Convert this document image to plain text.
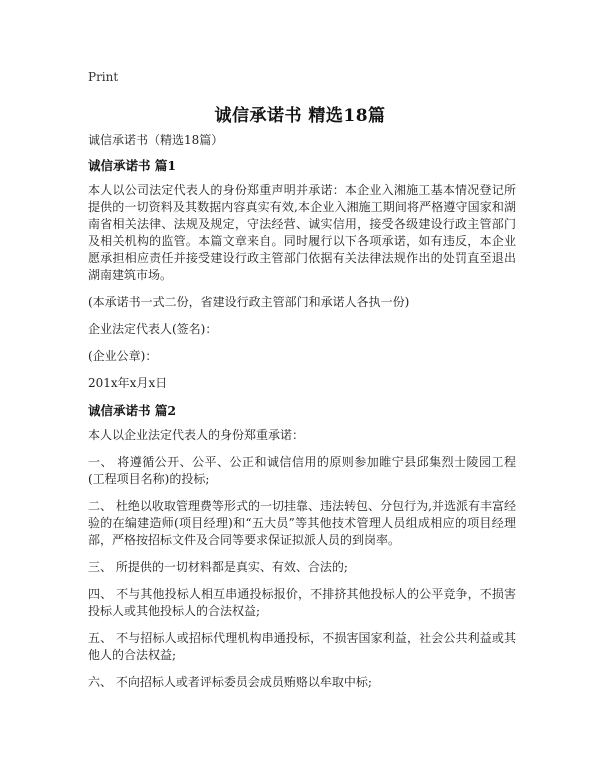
Print
诚信承诺书 精选18篇
诚信承诺书（精选18篇）
诚信承诺书 篇1

本人以公司法定代表人的身份郑重声明并承诺：本企业入湘施工基本情况登记所提供的一切资料及其数据内容真实有效,本企业入湘施工期间将严格遵守国家和湖南省相关法律、法规及规定，守法经营、诚实信用，接受各级建设行政主管部门及相关机构的监管。本篇文章来自。同时履行以下各项承诺，如有违反，本企业愿承担相应责任并接受建设行政主管部门依据有关法律法规作出的处罚直至退出湖南建筑市场。

(本承诺书一式二份，省建设行政主管部门和承诺人各执一份)

企业法定代表人(签名)：

(企业公章)：

201x年x月x日

诚信承诺书 篇2

本人以企业法定代表人的身份郑重承诺：

一、 将遵循公开、公平、公正和诚信信用的原则参加睢宁县邱集烈士陵园工程(工程项目名称)的投标;

二、 杜绝以收取管理费等形式的一切挂靠、违法转包、分包行为,并选派有丰富经验的在编建造师(项目经理)和“五大员”等其他技术管理人员组成相应的项目经理部，严格按招标文件及合同等要求保证拟派人员的到岗率。

三、 所提供的一切材料都是真实、有效、合法的;

四、 不与其他投标人相互串通投标报价，不排挤其他投标人的公平竞争，不损害投标人或其他投标人的合法权益;

五、 不与招标人或招标代理机构串通投标，不损害国家利益，社会公共利益或其他人的合法权益;

六、 不向招标人或者评标委员会成员贿赂以牟取中标;
